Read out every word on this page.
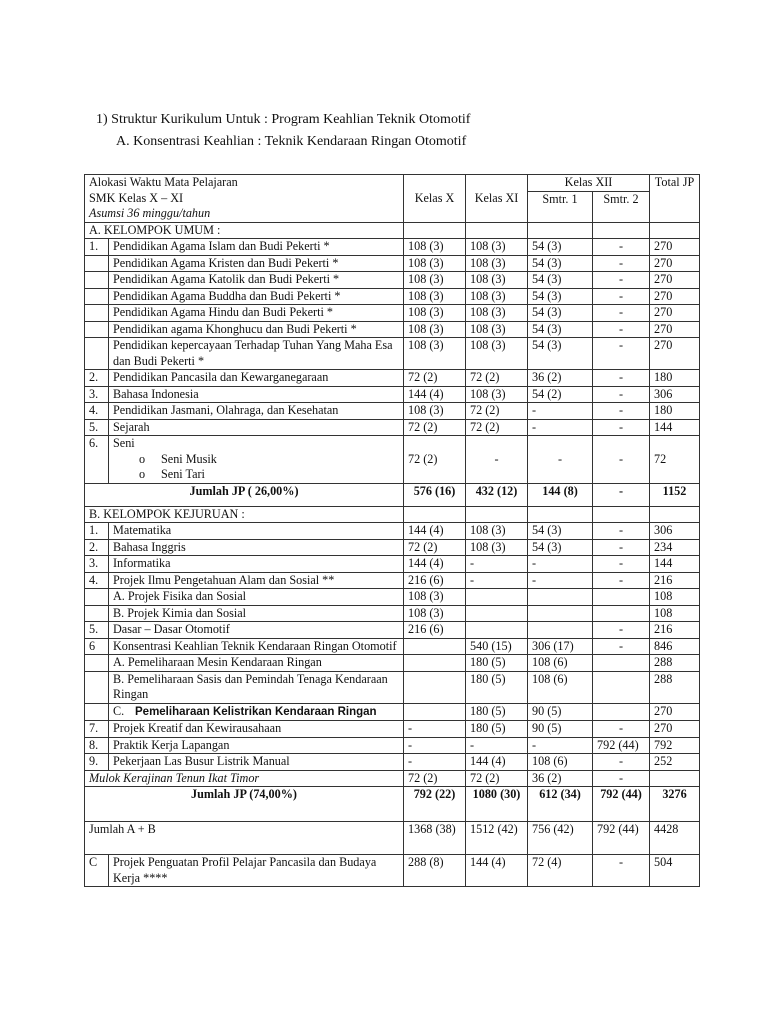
1) Struktur Kurikulum Untuk : Program Keahlian Teknik Otomotif
A. Konsentrasi Keahlian : Teknik Kendaraan Ringan Otomotif
Alokasi Waktu Mata Pelajaran
SMK Kelas X – XI
Asumsi 36 minggu/tahun		Kelas X	Kelas XI	Kelas XII		Total JP
				Smtr. 1	Smtr. 2	
A. KELOMPOK UMUM :						
1.	Pendidikan Agama Islam dan Budi Pekerti *	108 (3)	108 (3)	54 (3)	-	270
	Pendidikan Agama Kristen dan Budi Pekerti *	108 (3)	108 (3)	54 (3)	-	270
	Pendidikan Agama Katolik dan Budi Pekerti *	108 (3)	108 (3)	54 (3)	-	270
	Pendidikan Agama Buddha dan Budi Pekerti *	108 (3)	108 (3)	54 (3)	-	270
	Pendidikan Agama Hindu dan Budi Pekerti *	108 (3)	108 (3)	54 (3)	-	270
	Pendidikan agama Khonghucu dan Budi Pekerti *	108 (3)	108 (3)	54 (3)	-	270
	Pendidikan kepercayaan Terhadap Tuhan Yang Maha Esa dan Budi Pekerti *	108 (3)	108 (3)	54 (3)	-	270
2.	Pendidikan Pancasila dan Kewarganegaraan	72 (2)	72 (2)	36 (2)	-	180
3.	Bahasa Indonesia	144 (4)	108 (3)	54 (2)	-	306
4.	Pendidikan Jasmani, Olahraga, dan Kesehatan	108 (3)	72 (2)	-	-	180
5.	Sejarah	72 (2)	72 (2)	-	-	144
6.	Seni
o Seni Musik
o Seni Tari	72 (2)	-	-	-	72
Jumlah JP ( 26,00%)		576 (16)	432 (12)	144 (8)	-	1152
B. KELOMPOK KEJURUAN :						
1.	Matematika	144 (4)	108 (3)	54 (3)	-	306
2.	Bahasa Inggris	72 (2)	108 (3)	54 (3)	-	234
3.	Informatika	144 (4)	-	-	-	144
4.	Projek Ilmu Pengetahuan Alam dan Sosial **	216 (6)	-	-	-	216
	A. Projek Fisika dan Sosial	108 (3)				108
	B. Projek Kimia dan Sosial	108 (3)				108
5.	Dasar – Dasar Otomotif	216 (6)			-	216
6	Konsentrasi Keahlian Teknik Kendaraan Ringan Otomotif		540 (15)	306 (17)	-	846
	A. Pemeliharaan Mesin Kendaraan Ringan		180 (5)	108 (6)		288
	B. Pemeliharaan Sasis dan Pemindah Tenaga Kendaraan Ringan		180 (5)	108 (6)		288
	C. Pemeliharaan Kelistrikan Kendaraan Ringan		180 (5)	90 (5)		270
7.	Projek Kreatif dan Kewirausahaan	-	180 (5)	90 (5)	-	270
8.	Praktik Kerja Lapangan	-	-	-	792 (44)	792
9.	Pekerjaan Las Busur Listrik Manual	-	144 (4)	108 (6)	-	252
Mulok Kerajinan Tenun Ikat Timor		72 (2)	72 (2)	36 (2)	-	
Jumlah JP (74,00%)		792 (22)	1080 (30)	612 (34)	792 (44)	3276
Jumlah A + B		1368 (38)	1512 (42)	756 (42)	792 (44)	4428
C	Projek Penguatan Profil Pelajar Pancasila dan Budaya Kerja ****	288 (8)	144 (4)	72 (4)	-	504
